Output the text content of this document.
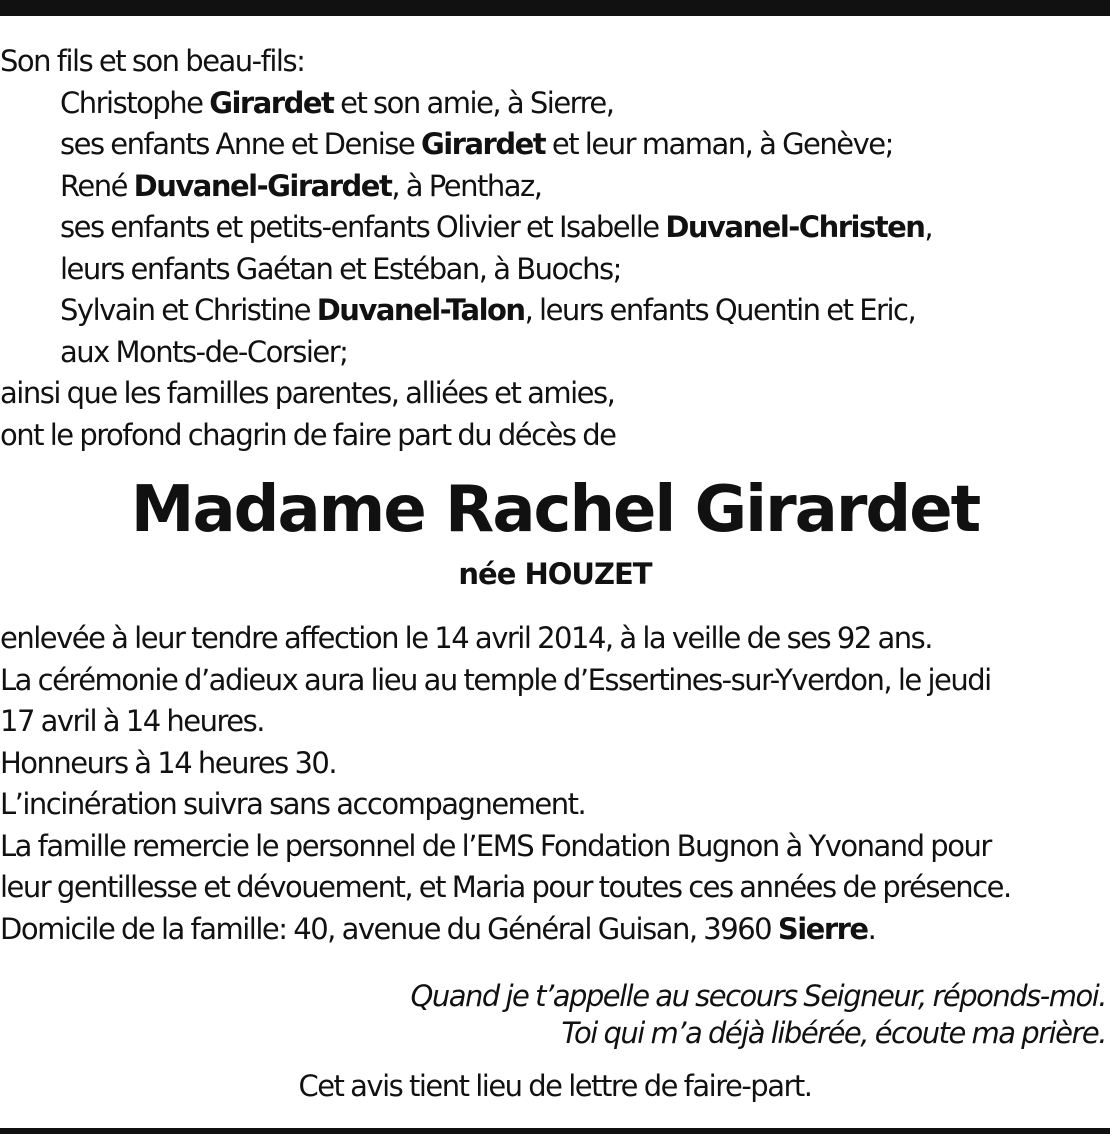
Son fils et son beau-fils:
Christophe Girardet et son amie, à Sierre,
ses enfants Anne et Denise Girardet et leur maman, à Genève;
René Duvanel-Girardet, à Penthaz,
ses enfants et petits-enfants Olivier et Isabelle Duvanel-Christen,
leurs enfants Gaétan et Estéban, à Buochs;
Sylvain et Christine Duvanel-Talon, leurs enfants Quentin et Eric,
aux Monts-de-Corsier;
ainsi que les familles parentes, alliées et amies,
ont le profond chagrin de faire part du décès de
Madame Rachel Girardet
née HOUZET
enlevée à leur tendre affection le 14 avril 2014, à la veille de ses 92 ans.
La cérémonie d’adieux aura lieu au temple d’Essertines-sur-Yverdon, le jeudi
17 avril à 14 heures.
Honneurs à 14 heures 30.
L’incinération suivra sans accompagnement.
La famille remercie le personnel de l’EMS Fondation Bugnon à Yvonand pour
leur gentillesse et dévouement, et Maria pour toutes ces années de présence.
Domicile de la famille: 40, avenue du Général Guisan, 3960 Sierre.
Quand je t’appelle au secours Seigneur, réponds-moi.
Toi qui m’a déjà libérée, écoute ma prière.
Cet avis tient lieu de lettre de faire-part.
